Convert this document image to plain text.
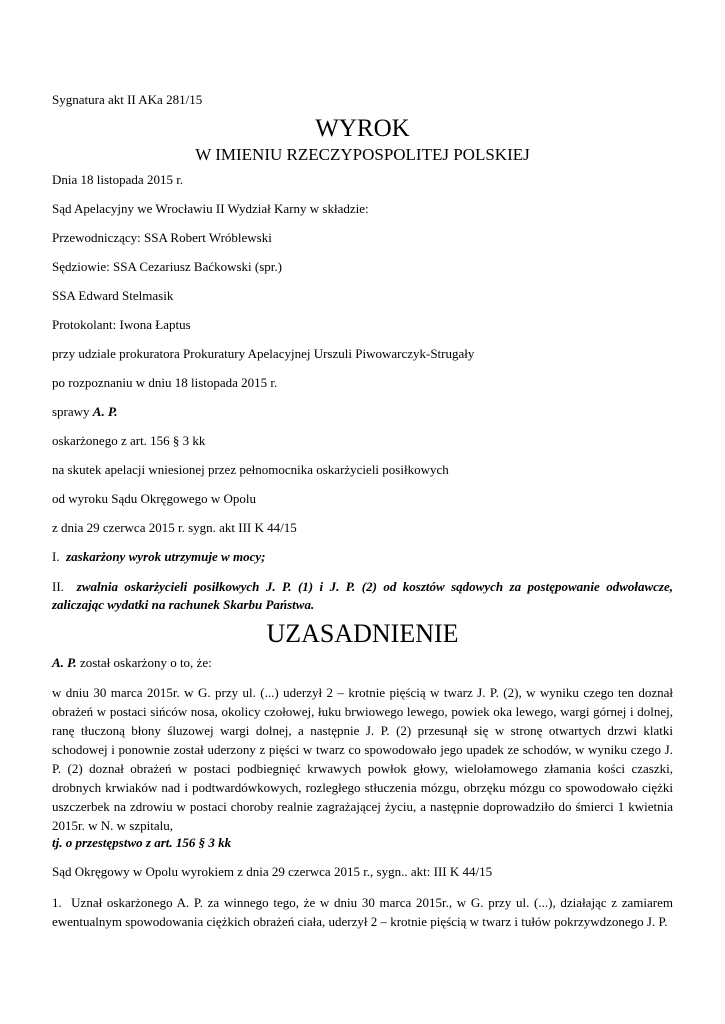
Sygnatura akt II AKa 281/15
WYROK
W IMIENIU RZECZYPOSPOLITEJ POLSKIEJ
Dnia 18 listopada 2015 r.
Sąd Apelacyjny we Wrocławiu II Wydział Karny w składzie:
Przewodniczący: SSA Robert Wróblewski
Sędziowie: SSA Cezariusz Baćkowski (spr.)
SSA Edward Stelmasik
Protokolant: Iwona Łaptus
przy udziale prokuratora Prokuratury Apelacyjnej Urszuli Piwowarczyk-Strugały
po rozpoznaniu w dniu 18 listopada 2015 r.
sprawy A. P.
oskarżonego z art. 156 § 3 kk
na skutek apelacji wniesionej przez pełnomocnika oskarżycieli posiłkowych
od wyroku Sądu Okręgowego w Opolu
z dnia 29 czerwca 2015 r. sygn. akt III K 44/15
I. zaskarżony wyrok utrzymuje w mocy;
II. zwalnia oskarżycieli posiłkowych J. P. (1) i J. P. (2) od kosztów sądowych za postępowanie odwoławcze, zaliczając wydatki na rachunek Skarbu Państwa.
UZASADNIENIE
A. P. został oskarżony o to, że:
w dniu 30 marca 2015r. w G. przy ul. (...) uderzył 2 – krotnie pięścią w twarz J. P. (2), w wyniku czego ten doznał obrażeń w postaci sińców nosa, okolicy czołowej, łuku brwiowego lewego, powiek oka lewego, wargi górnej i dolnej, ranę tłuczoną błony śluzowej wargi dolnej, a następnie J. P. (2) przesunął się w stronę otwartych drzwi klatki schodowej i ponownie został uderzony z pięści w twarz co spowodowało jego upadek ze schodów, w wyniku czego J. P. (2) doznał obrażeń w postaci podbiegnięć krwawych powłok głowy, wielołamowego złamania kości czaszki, drobnych krwiaków nad i podtwardówkowych, rozległego stłuczenia mózgu, obrzęku mózgu co spowodowało ciężki uszczerbek na zdrowiu w postaci choroby realnie zagrażającej życiu, a następnie doprowadziło do śmierci 1 kwietnia 2015r. w N. w szpitalu,
tj. o przestępstwo z art. 156 § 3 kk
Sąd Okręgowy w Opolu wyrokiem z dnia 29 czerwca 2015 r., sygn.. akt: III K 44/15
1. Uznał oskarżonego A. P. za winnego tego, że w dniu 30 marca 2015r., w G. przy ul. (...), działając z zamiarem ewentualnym spowodowania ciężkich obrażeń ciała, uderzył 2 – krotnie pięścią w twarz i tułów pokrzywdzonego J. P.
